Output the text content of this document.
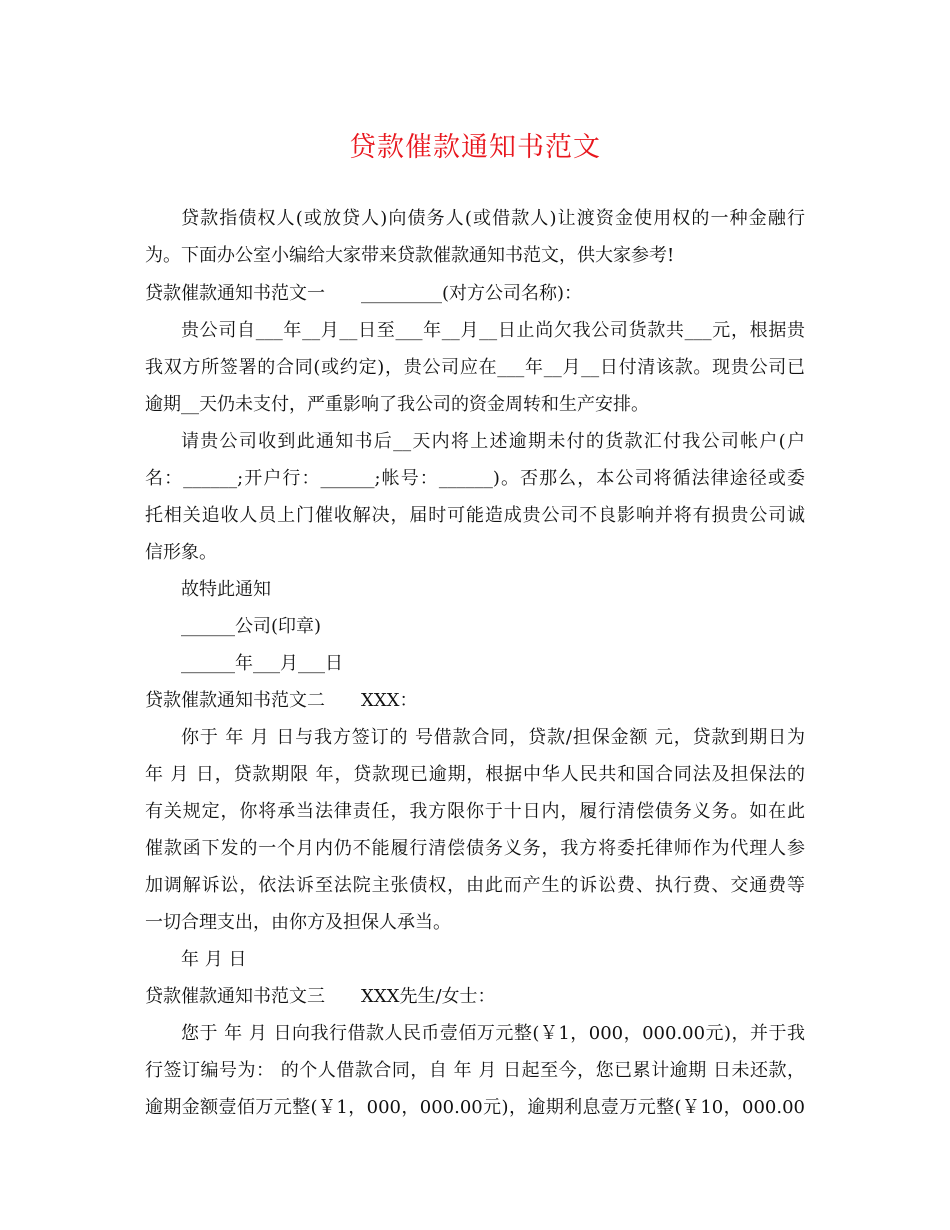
贷款催款通知书范文
贷款指债权人(或放贷人)向债务人(或借款人)让渡资金使用权的一种金融行
为。下面办公室小编给大家带来贷款催款通知书范文，供大家参考!
贷款催款通知书范文一　　_________(对方公司名称)：
贵公司自___年__月__日至___年__月__日止尚欠我公司货款共___元，根据贵
我双方所签署的合同(或约定)，贵公司应在___年__月__日付清该款。现贵公司已
逾期__天仍未支付，严重影响了我公司的资金周转和生产安排。
请贵公司收到此通知书后__天内将上述逾期未付的货款汇付我公司帐户(户
名：______;开户行：______;帐号：______)。否那么，本公司将循法律途径或委
托相关追收人员上门催收解决，届时可能造成贵公司不良影响并将有损贵公司诚
信形象。
故特此通知
______公司(印章)
______年___月___日
贷款催款通知书范文二　　XXX：
你于 年 月 日与我方签订的 号借款合同，贷款/担保金额 元，贷款到期日为
年 月 日，贷款期限 年，贷款现已逾期，根据中华人民共和国合同法及担保法的
有关规定，你将承当法律责任，我方限你于十日内，履行清偿债务义务。如在此
催款函下发的一个月内仍不能履行清偿债务义务，我方将委托律师作为代理人参
加调解诉讼，依法诉至法院主张债权，由此而产生的诉讼费、执行费、交通费等
一切合理支出，由你方及担保人承当。
年 月 日
贷款催款通知书范文三　　XXX先生/女士：
您于 年 月 日向我行借款人民币壹佰万元整(￥1，000，000.00元)，并于我
行签订编号为： 的个人借款合同，自 年 月 日起至今，您已累计逾期 日未还款，
逾期金额壹佰万元整(￥1，000，000.00元)，逾期利息壹万元整(￥10，000.00
